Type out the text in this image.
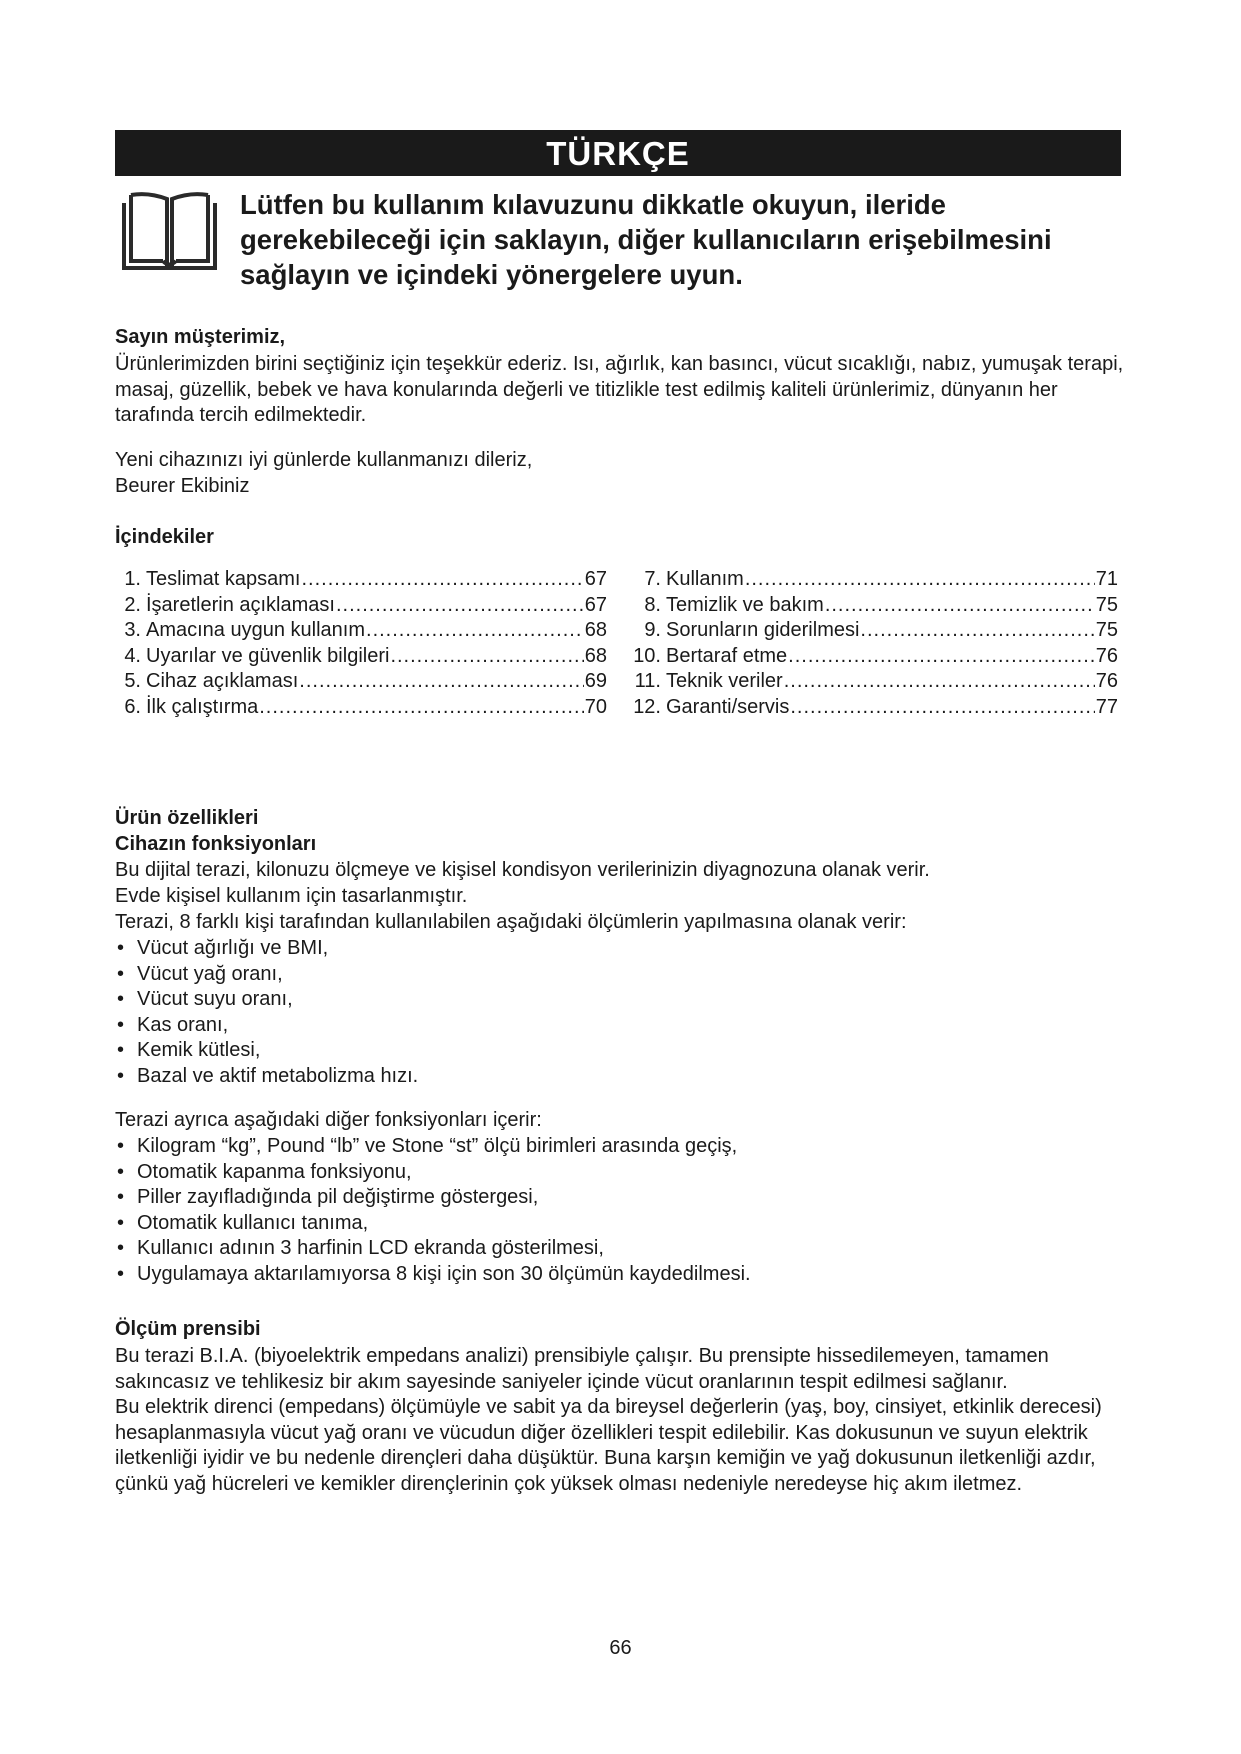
TÜRKÇE

Lütfen bu kullanım kılavuzunu dikkatle okuyun, ileride gerekebileceği için saklayın, diğer kullanıcıların erişebilmesini sağlayın ve içindeki yönergelere uyun.

Sayın müşterimiz,

Ürünlerimizden birini seçtiğiniz için teşekkür ederiz. Isı, ağırlık, kan basıncı, vücut sıcaklığı, nabız, yumuşak terapi, masaj, güzellik, bebek ve hava konularında değerli ve titizlikle test edilmiş kaliteli ürünlerimiz, dünyanın her tarafında tercih edilmektedir.

Yeni cihazınızı iyi günlerde kullanmanızı dileriz,

Beurer Ekibiniz

İçindekiler
1. Teslimat kapsamı .....	67
2. İşaretlerin açıklaması .....	67
3. Amacına uygun kullanım .....	68
4. Uyarılar ve güvenlik bilgileri .....	68
5. Cihaz açıklaması .....	69
6. İlk çalıştırma .....	70
7. Kullanım .....	71
8. Temizlik ve bakım .....	75
9. Sorunların giderilmesi .....	75
10. Bertaraf etme .....	76
11. Teknik veriler .....	76
12. Garanti/servis .....	77
Ürün özellikleri
Cihazın fonksiyonları

Bu dijital terazi, kilonuzu ölçmeye ve kişisel kondisyon verilerinizin diyagnozuna olanak verir.

Evde kişisel kullanım için tasarlanmıştır.

Terazi, 8 farklı kişi tarafından kullanılabilen aşağıdaki ölçümlerin yapılmasına olanak verir:

• Vücut ağırlığı ve BMI,
• Vücut yağ oranı,
• Vücut suyu oranı,
• Kas oranı,
• Kemik kütlesi,
• Bazal ve aktif metabolizma hızı.

Terazi ayrıca aşağıdaki diğer fonksiyonları içerir:

• Kilogram “kg”, Pound “lb” ve Stone “st” ölçü birimleri arasında geçiş,
• Otomatik kapanma fonksiyonu,
• Piller zayıfladığında pil değiştirme göstergesi,
• Otomatik kullanıcı tanıma,
• Kullanıcı adının 3 harfinin LCD ekranda gösterilmesi,
• Uygulamaya aktarılamıyorsa 8 kişi için son 30 ölçümün kaydedilmesi.
Ölçüm prensibi

Bu terazi B.I.A. (biyoelektrik empedans analizi) prensibiyle çalışır. Bu prensipte hissedilemeyen, tamamen sakıncasız ve tehlikesiz bir akım sayesinde saniyeler içinde vücut oranlarının tespit edilmesi sağlanır.

Bu elektrik direnci (empedans) ölçümüyle ve sabit ya da bireysel değerlerin (yaş, boy, cinsiyet, etkinlik derecesi) hesaplanmasıyla vücut yağ oranı ve vücudun diğer özellikleri tespit edilebilir. Kas dokusunun ve suyun elektrik iletkenliği iyidir ve bu nedenle dirençleri daha düşüktür. Buna karşın kemiğin ve yağ dokusunun iletkenliği azdır, çünkü yağ hücreleri ve kemikler dirençlerinin çok yüksek olması nedeniyle neredeyse hiç akım iletmez.

66
